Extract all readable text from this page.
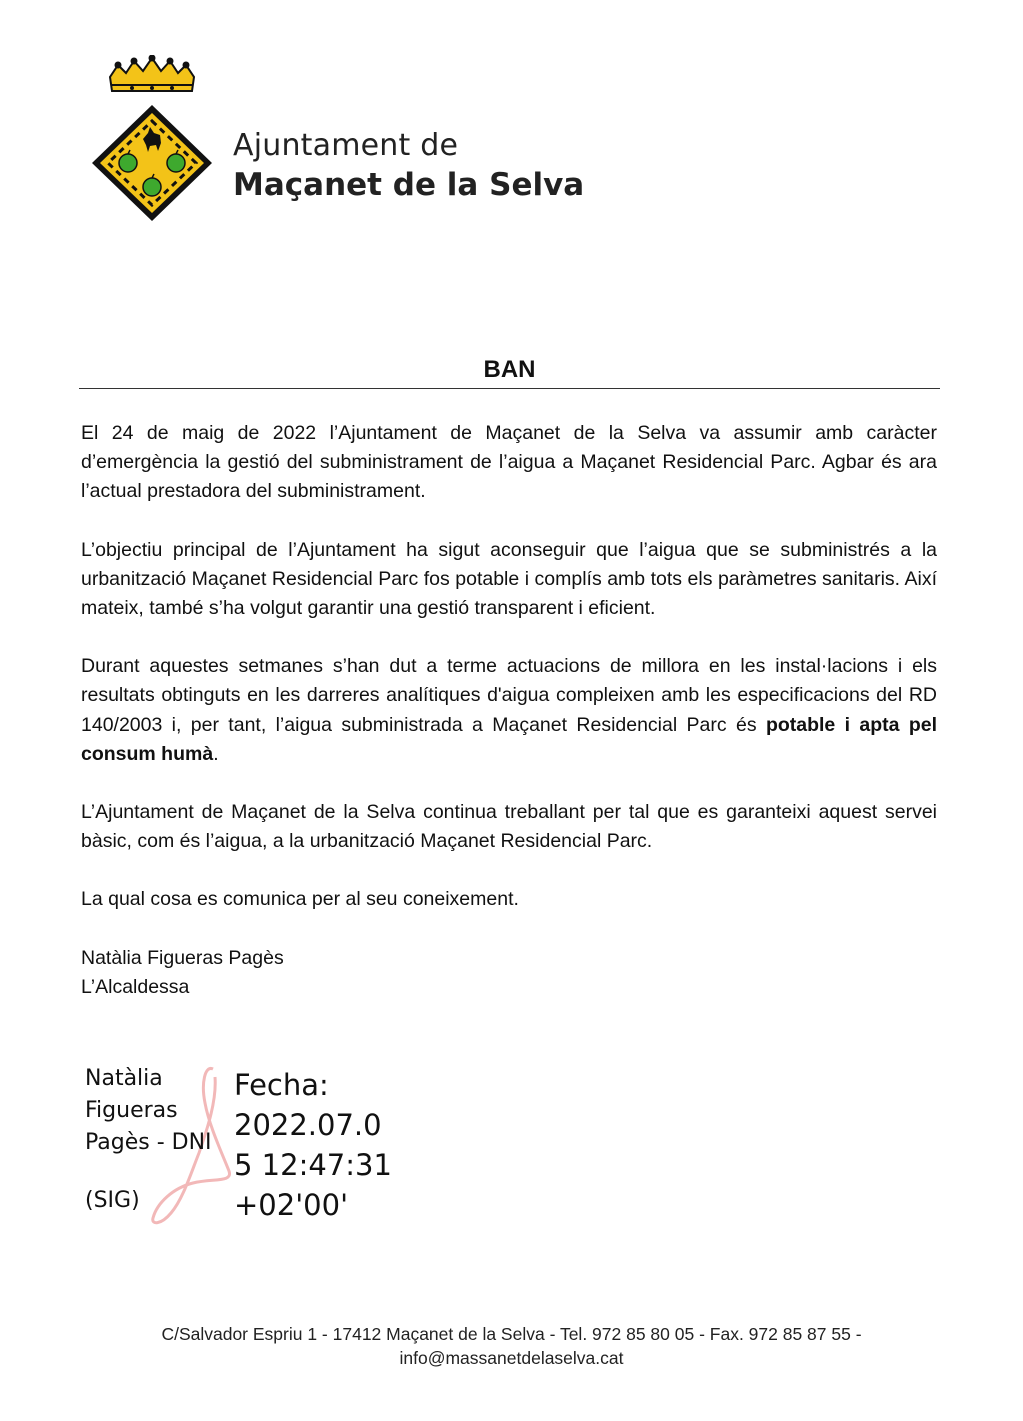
Ajuntament de
Maçanet de la Selva
BAN

El 24 de maig de 2022 l’Ajuntament de Maçanet de la Selva va assumir amb caràcter d’emergència la gestió del subministrament de l’aigua a Maçanet Residencial Parc. Agbar és ara l’actual prestadora del subministrament.

L’objectiu principal de l’Ajuntament ha sigut aconseguir que l’aigua que se subministrés a la urbanització Maçanet Residencial Parc fos potable i complís amb tots els paràmetres sanitaris. Així mateix, també s’ha volgut garantir una gestió transparent i eficient.

Durant aquestes setmanes s’han dut a terme actuacions de millora en les instal·lacions i els resultats obtinguts en les darreres analítiques d'aigua compleixen amb les especificacions del RD 140/2003 i, per tant, l’aigua subministrada a Maçanet Residencial Parc és potable i apta pel consum humà.

L’Ajuntament de Maçanet de la Selva continua treballant per tal que es garanteixi aquest servei bàsic, com és l’aigua, a la urbanització Maçanet Residencial Parc.

La qual cosa es comunica per al seu coneixement.

Natàlia Figueras Pagès
L’Alcaldessa
Natàlia
Figueras
Pagès - DNI
(SIG)
Fecha:
2022.07.0
5 12:47:31
+02'00'
C/Salvador Espriu 1 - 17412 Maçanet de la Selva - Tel. 972 85 80 05 - Fax. 972 85 87 55 -
info@massanetdelaselva.cat
